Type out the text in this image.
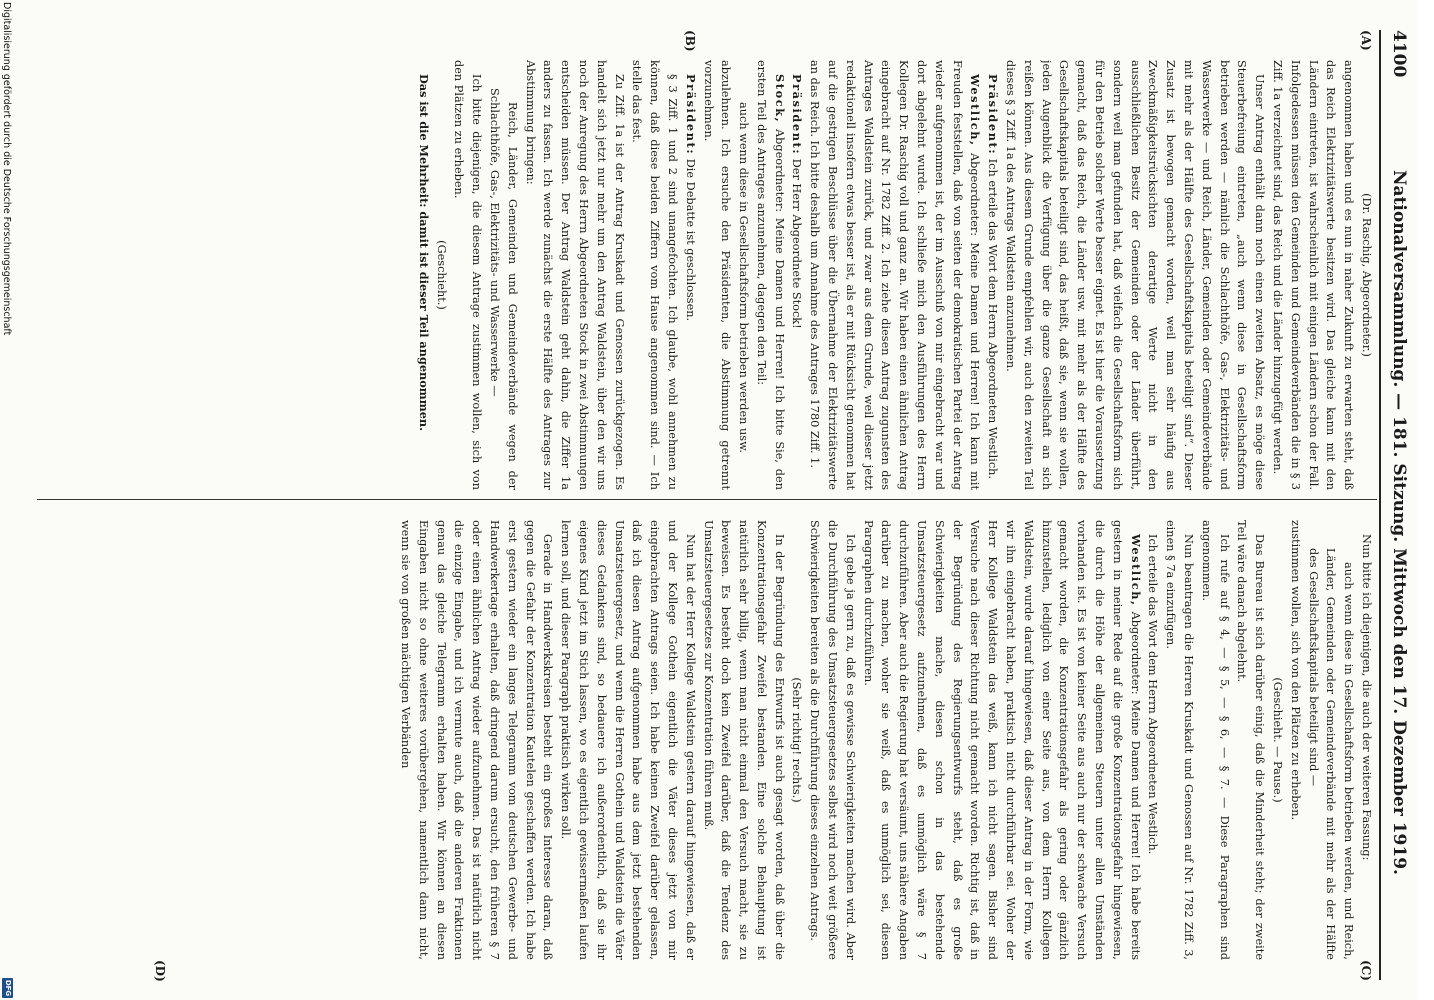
4100
Nationalversammlung. — 181. Sitzung. Mittwoch den 17. Dezember 1919.
(A)
(B)
(C)
(D)

(Dr. Raschig, Abgeordneter.)

angenommen haben und es nun in naher Zukunft zu erwarten steht, daß das Reich Elektrizitätswerte besitzen wird. Das gleiche kann mit den Ländern eintreten, ist wahrscheinlich mit einigen Ländern schon der Fall. Infolgedessen müssen den Gemeinden und Gemeindeverbänden die in § 3 Ziff. 1a verzeichnet sind, das Reich und die Länder hinzugefügt werden.

Unser Antrag enthält dann noch einen zweiten Absatz, es möge diese Steuerbefreiung eintreten, „auch wenn diese in Gesellschaftsform betrieben werden — nämlich die Schlachthöfe, Gas-, Elektrizitäts- und Wasserwerke — und Reich, Länder, Gemeinden oder Gemeindeverbände mit mehr als der Hälfte des Gesellschaftskapitals beteiligt sind“. Dieser Zusatz ist bewogen gemacht worden, weil man sehr häufig aus Zweckmäßigkeitsrücksichten derartige Werte nicht in den ausschließlichen Besitz der Gemeinden oder der Länder überführt, sondern weil man gefunden hat, daß vielfach die Gesellschaftsform sich für den Betrieb solcher Werte besser eignet. Es ist hier die Voraussetzung gemacht, daß das Reich, die Länder usw. mit mehr als der Hälfte des Gesellschaftskapitals beteiligt sind, das heißt, daß sie, wenn sie wollen, jeden Augenblick die Verfügung über die ganze Gesellschaft an sich reißen können. Aus diesem Grunde empfehlen wir, auch den zweiten Teil dieses § 3 Ziff. 1a des Antrags Waldstein anzunehmen.

Präsident: Ich erteile das Wort dem Herrn Abgeordneten Westlich.

Westlich, Abgeordneter: Meine Damen und Herren! Ich kann mit Freuden feststellen, daß von seiten der demokratischen Partei der Antrag wieder aufgenommen ist, der im Ausschuß von mir eingebracht war und dort abgelehnt wurde. Ich schließe mich den Ausführungen des Herrn Kollegen Dr. Raschig voll und ganz an. Wir haben einen ähnlichen Antrag eingebracht auf Nr. 1782 Ziff. 2. Ich ziehe diesen Antrag zugunsten des Antrages Waldstein zurück, und zwar aus dem Grunde, weil dieser jetzt redaktionell insofern etwas besser ist, als er mit Rücksicht genommen hat auf die gestrigen Beschlüsse über die Übernahme der Elektrizitätswerte an das Reich. Ich bitte deshalb um Annahme des Antrages 1780 Ziff. 1.

Präsident: Der Herr Abgeordnete Stock!

Stock, Abgeordneter: Meine Damen und Herren! Ich bitte Sie, den ersten Teil des Antrages anzunehmen, dagegen den Teil:

auch wenn diese in Gesellschaftsform betrieben werden usw.

abzulehnen. Ich ersuche den Präsidenten, die Abstimmung getrennt vorzunehmen.

Präsident: Die Debatte ist geschlossen.

§ 3 Ziff. 1 und 2 sind unangefochten. Ich glaube, wohl annehmen zu können, daß diese beiden Ziffern vom Hause angenommen sind. — Ich stelle das fest.

Zu Ziff. 1a ist der Antrag Kruskadt und Genossen zurückgezogen. Es handelt sich jetzt nur mehr um den Antrag Waldstein, über den wir uns noch der Anregung des Herrn Abgeordneten Stock in zwei Abstimmungen entscheiden müssen. Der Antrag Waldstein geht dahin, die Ziffer 1a anders zu fassen. Ich werde zunächst die erste Hälfte des Antrages zur Abstimmung bringen:

Reich, Länder, Gemeinden und Gemeindeverbände wegen der Schlachthöfe, Gas-, Elektrizitäts- und Wasserwerke —

Ich bitte diejenigen, die diesem Antrage zustimmen wollen, sich von den Plätzen zu erheben.

(Geschieht.)

Das ist die Mehrheit: damit ist dieser Teil angenommen.

Nun bitte ich diejenigen, die auch der weiteren Fassung:

auch wenn diese in Gesellschaftsform betrieben werden, und Reich, Länder, Gemeinden oder Gemeindeverbände mit mehr als der Hälfte des Gesellschaftskapitals beteiligt sind —

zustimmen wollen, sich von den Plätzen zu erheben.

(Geschieht. — Pause.)

Das Bureau ist sich darüber einig, daß die Minderheit steht; der zweite Teil wäre danach abgelehnt.

Ich rufe auf § 4, — § 5, — § 6, — § 7. — Diese Paragraphen sind angenommen.

Nun beantragen die Herren Kruskadt und Genossen auf Nr. 1782 Ziff. 3, einen § 7a einzufügen.

Ich erteile das Wort dem Herrn Abgeordneten Westlich.

Westlich, Abgeordneter: Meine Damen und Herren! Ich habe bereits gestern in meiner Rede auf die große Konzentrationsgefahr hingewiesen, die durch die Höhe der allgemeinen Steuern unter allen Umständen vorhanden ist. Es ist von keiner Seite aus auch nur der schwache Versuch gemacht worden, die Konzentrationsgefahr als gering oder gänzlich hinzustellen, lediglich von einer Seite aus, von dem Herrn Kollegen Waldstein, wurde darauf hingewiesen, daß dieser Antrag in der Form, wie wir ihn eingebracht haben, praktisch nicht durchführbar sei. Woher der Herr Kollege Waldstein das weiß, kann ich nicht sagen. Bisher sind Versuche nach dieser Richtung nicht gemacht worden. Richtig ist, daß in der Begründung des Regierungsentwurfs steht, daß es große Schwierigkeiten mache, diesen schon in das bestehende Umsatzsteuergesetz aufzunehmen, daß es unmöglich wäre § 7 durchzuführen. Aber auch die Regierung hat versäumt, uns nähere Angaben darüber zu machen, woher sie weiß, daß es unmöglich sei, diesen Paragraphen durchzuführen.

Ich gebe ja gern zu, daß es gewisse Schwierigkeiten machen wird. Aber die Durchführung des Umsatzsteuergesetzes selbst wird noch weit größere Schwierigkeiten bereiten als die Durchführung dieses einzelnen Antrags.

(Sehr richtig! rechts.)

In der Begründung des Entwurfs ist auch gesagt worden, daß über die Konzentrationsgefahr Zweifel bestanden. Eine solche Behauptung ist natürlich sehr billig, wenn man nicht einmal den Versuch macht, sie zu beweisen. Es besteht doch kein Zweifel darüber, daß die Tendenz des Umsatzsteuergesetzes zur Konzentration führen muß.

Nun hat der Herr Kollege Waldstein gestern darauf hingewiesen, daß er und der Kollege Gothein eigentlich die Väter dieses jetzt von mir eingebrachten Antrags seien. Ich habe keinen Zweifel darüber gelassen, daß ich diesen Antrag aufgenommen habe aus dem jetzt bestehenden Umsatzsteuergesetz, und wenn die Herren Gothein und Waldstein die Väter dieses Gedankens sind, so bedauere ich außerordentlich, daß sie ihr eigenes Kind jetzt im Stich lassen, wo es eigentlich gewissermaßen laufen lernen soll, und dieser Paragraph praktisch wirken soll.

Gerade in Handwerkskreisen besteht ein großes Interesse daran, daß gegen die Gefahr der Konzentration Kautelen geschaffen werden. Ich habe erst gestern wieder ein langes Telegramm vom deutschen Gewerbe- und Handwerkertage erhalten, daß dringend darum ersucht, den früheren § 7 oder einen ähnlichen Antrag wieder aufzunehmen. Das ist natürlich nicht die einzige Eingabe, und ich vermute auch, daß die anderen Fraktionen genau das gleiche Telegramm erhalten haben. Wir können an diesen Eingaben nicht so ohne weiteres vorübergehen, namentlich dann nicht, wenn sie von großen mächtigen Verbänden

Digitalisierung gefördert durch die Deutsche Forschungsgemeinschaft
DFG
